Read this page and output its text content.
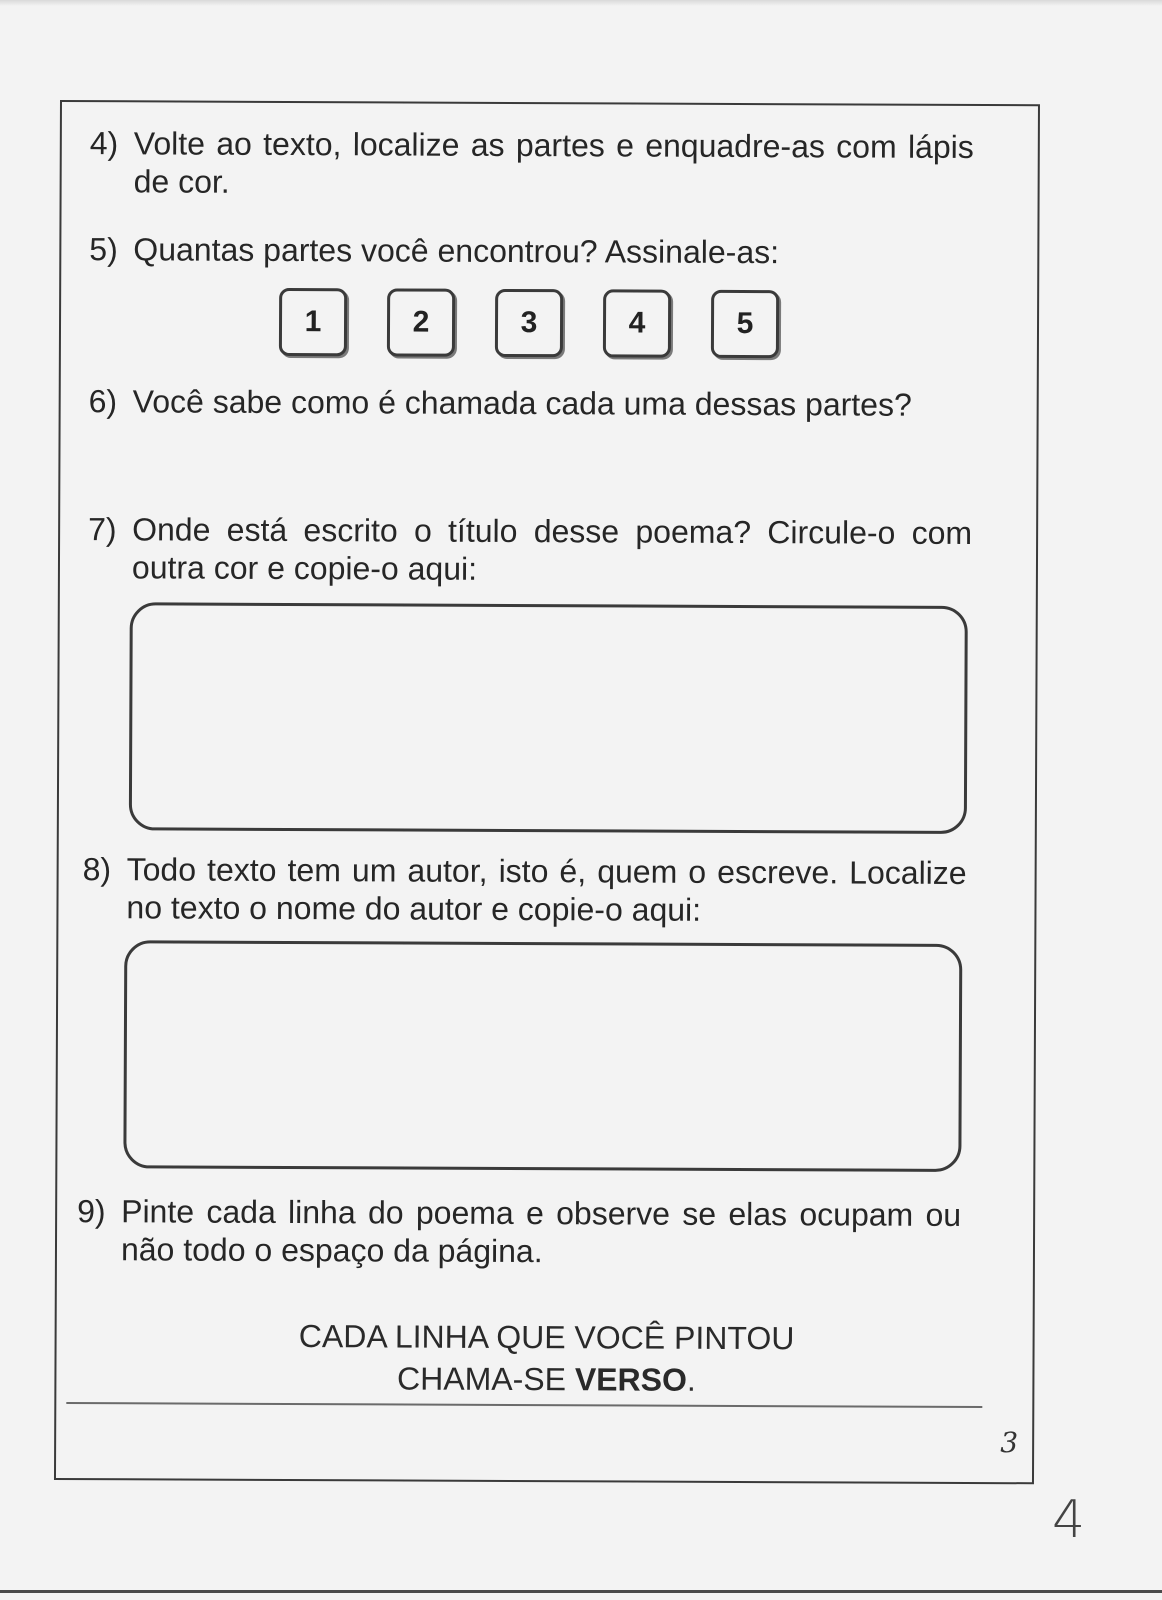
4) Volte ao texto, localize as partes e enquadre-as com lápis de cor.
5) Quantas partes você encontrou? Assinale-as:
1	2	3	4	5
6) Você sabe como é chamada cada uma dessas partes?
7) Onde está escrito o título desse poema? Circule-o com outra cor e copie-o aqui:
8) Todo texto tem um autor, isto é, quem o escreve. Localize no texto o nome do autor e copie-o aqui:
9) Pinte cada linha do poema e observe se elas ocupam ou não todo o espaço da página.
CADA LINHA QUE VOCÊ PINTOU
CHAMA-SE VERSO.
3
4
